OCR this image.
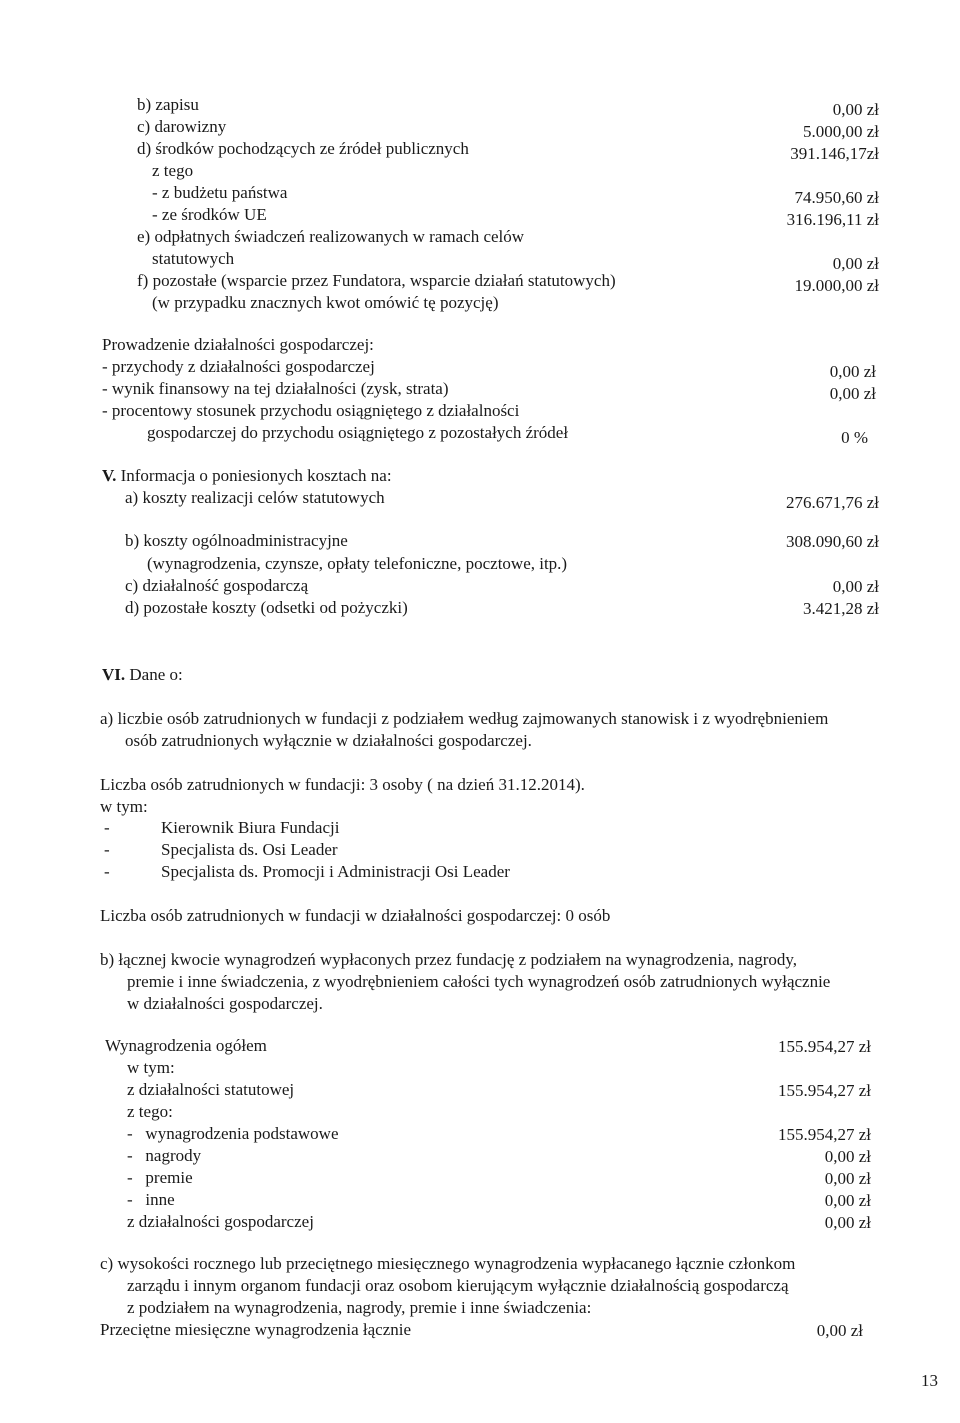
b) zapisu	0,00 zł
c) darowizny	5.000,00 zł
d) środków pochodzących ze źródeł publicznych	391.146,17zł
z tego
- z budżetu państwa	74.950,60 zł
- ze środków UE	316.196,11 zł
e) odpłatnych świadczeń realizowanych w ramach celów
statutowych	0,00 zł
f) pozostałe (wsparcie przez Fundatora, wsparcie działań statutowych)	19.000,00 zł
(w przypadku znacznych kwot omówić tę pozycję)
Prowadzenie działalności gospodarczej:
- przychody z działalności gospodarczej	0,00 zł
- wynik finansowy na tej działalności (zysk, strata)	0,00 zł
- procentowy stosunek przychodu osiągniętego z działalności
gospodarczej do przychodu osiągniętego z pozostałych źródeł	0 %
V. Informacja o poniesionych kosztach na:
a) koszty realizacji celów statutowych	276.671,76 zł
b) koszty ogólnoadministracyjne	308.090,60 zł
(wynagrodzenia, czynsze, opłaty telefoniczne, pocztowe, itp.)
c) działalność gospodarczą	0,00 zł
d) pozostałe koszty (odsetki od pożyczki)	3.421,28 zł
VI. Dane o:
a) liczbie osób zatrudnionych w fundacji z podziałem według zajmowanych stanowisk i z wyodrębnieniem
osób zatrudnionych wyłącznie w działalności gospodarczej.
Liczba osób zatrudnionych w fundacji: 3 osoby ( na dzień 31.12.2014).
w tym:
-	Kierownik Biura Fundacji
-	Specjalista ds. Osi Leader
-	Specjalista ds. Promocji i Administracji Osi Leader
Liczba osób zatrudnionych w fundacji w działalności gospodarczej: 0 osób
b) łącznej kwocie wynagrodzeń wypłaconych przez fundację z podziałem na wynagrodzenia, nagrody,
premie i inne świadczenia, z wyodrębnieniem całości tych wynagrodzeń osób zatrudnionych wyłącznie
w działalności gospodarczej.
Wynagrodzenia ogółem	155.954,27 zł
w tym:
z działalności statutowej	155.954,27 zł
z tego:
-   wynagrodzenia podstawowe	155.954,27 zł
-   nagrody	0,00 zł
-   premie	0,00 zł
-   inne	0,00 zł
z działalności gospodarczej	0,00 zł
c) wysokości rocznego lub przeciętnego miesięcznego wynagrodzenia wypłacanego łącznie członkom
zarządu i innym organom fundacji oraz osobom kierującym wyłącznie działalnością gospodarczą
z podziałem na wynagrodzenia, nagrody, premie i inne świadczenia:
Przeciętne miesięczne wynagrodzenia łącznie	0,00 zł
13
